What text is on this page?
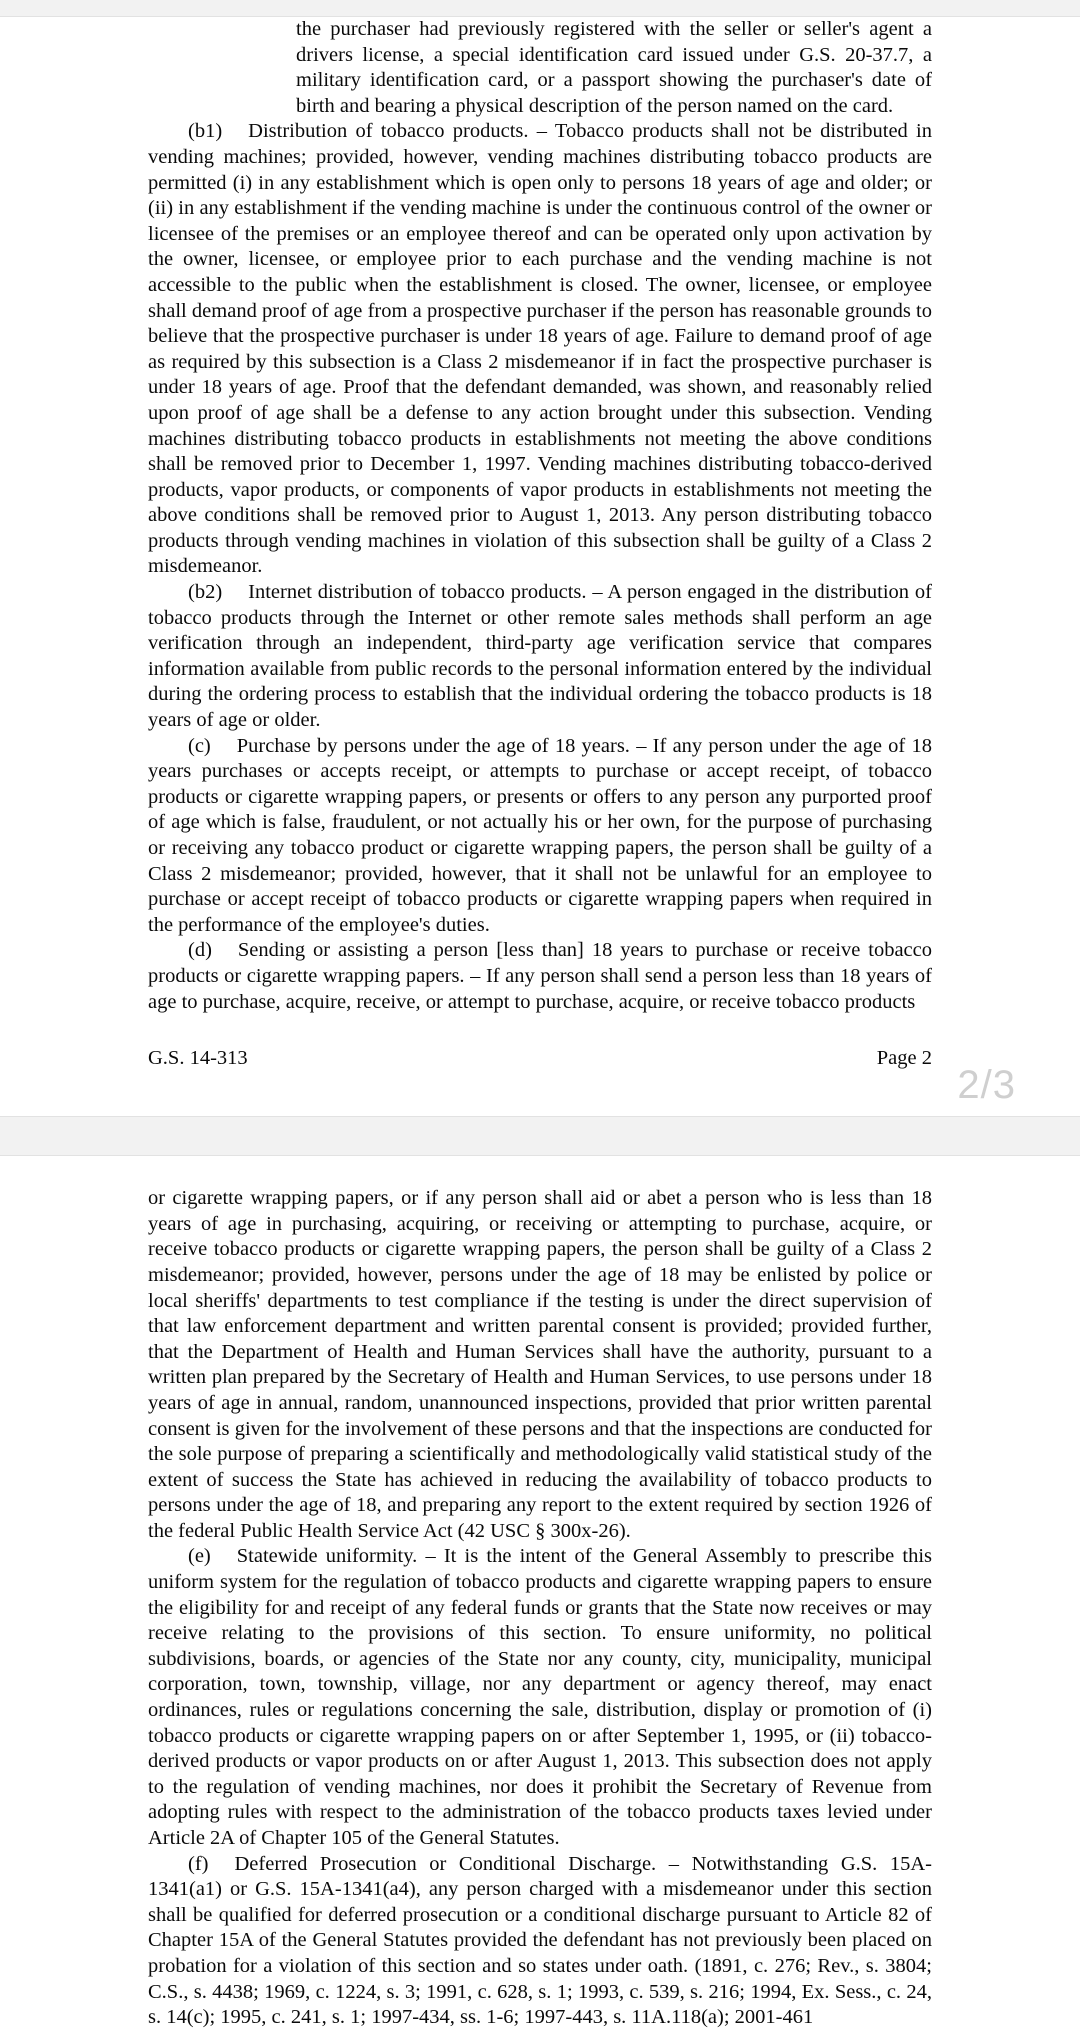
the purchaser had previously registered with the seller or seller's agent a drivers license, a special identification card issued under G.S. 20-37.7, a military identification card, or a passport showing the purchaser's date of birth and bearing a physical description of the person named on the card.

(b1) Distribution of tobacco products. – Tobacco products shall not be distributed in vending machines; provided, however, vending machines distributing tobacco products are permitted (i) in any establishment which is open only to persons 18 years of age and older; or (ii) in any establishment if the vending machine is under the continuous control of the owner or licensee of the premises or an employee thereof and can be operated only upon activation by the owner, licensee, or employee prior to each purchase and the vending machine is not accessible to the public when the establishment is closed. The owner, licensee, or employee shall demand proof of age from a prospective purchaser if the person has reasonable grounds to believe that the prospective purchaser is under 18 years of age. Failure to demand proof of age as required by this subsection is a Class 2 misdemeanor if in fact the prospective purchaser is under 18 years of age. Proof that the defendant demanded, was shown, and reasonably relied upon proof of age shall be a defense to any action brought under this subsection. Vending machines distributing tobacco products in establishments not meeting the above conditions shall be removed prior to December 1, 1997. Vending machines distributing tobacco-derived products, vapor products, or components of vapor products in establishments not meeting the above conditions shall be removed prior to August 1, 2013. Any person distributing tobacco products through vending machines in violation of this subsection shall be guilty of a Class 2 misdemeanor.

(b2) Internet distribution of tobacco products. – A person engaged in the distribution of tobacco products through the Internet or other remote sales methods shall perform an age verification through an independent, third-party age verification service that compares information available from public records to the personal information entered by the individual during the ordering process to establish that the individual ordering the tobacco products is 18 years of age or older.

(c) Purchase by persons under the age of 18 years. – If any person under the age of 18 years purchases or accepts receipt, or attempts to purchase or accept receipt, of tobacco products or cigarette wrapping papers, or presents or offers to any person any purported proof of age which is false, fraudulent, or not actually his or her own, for the purpose of purchasing or receiving any tobacco product or cigarette wrapping papers, the person shall be guilty of a Class 2 misdemeanor; provided, however, that it shall not be unlawful for an employee to purchase or accept receipt of tobacco products or cigarette wrapping papers when required in the performance of the employee's duties.

(d) Sending or assisting a person [less than] 18 years to purchase or receive tobacco products or cigarette wrapping papers. – If any person shall send a person less than 18 years of age to purchase, acquire, receive, or attempt to purchase, acquire, or receive tobacco products

G.S. 14-313	Page 2
2/3

or cigarette wrapping papers, or if any person shall aid or abet a person who is less than 18 years of age in purchasing, acquiring, or receiving or attempting to purchase, acquire, or receive tobacco products or cigarette wrapping papers, the person shall be guilty of a Class 2 misdemeanor; provided, however, persons under the age of 18 may be enlisted by police or local sheriffs' departments to test compliance if the testing is under the direct supervision of that law enforcement department and written parental consent is provided; provided further, that the Department of Health and Human Services shall have the authority, pursuant to a written plan prepared by the Secretary of Health and Human Services, to use persons under 18 years of age in annual, random, unannounced inspections, provided that prior written parental consent is given for the involvement of these persons and that the inspections are conducted for the sole purpose of preparing a scientifically and methodologically valid statistical study of the extent of success the State has achieved in reducing the availability of tobacco products to persons under the age of 18, and preparing any report to the extent required by section 1926 of the federal Public Health Service Act (42 USC § 300x-26).

(e) Statewide uniformity. – It is the intent of the General Assembly to prescribe this uniform system for the regulation of tobacco products and cigarette wrapping papers to ensure the eligibility for and receipt of any federal funds or grants that the State now receives or may receive relating to the provisions of this section. To ensure uniformity, no political subdivisions, boards, or agencies of the State nor any county, city, municipality, municipal corporation, town, township, village, nor any department or agency thereof, may enact ordinances, rules or regulations concerning the sale, distribution, display or promotion of (i) tobacco products or cigarette wrapping papers on or after September 1, 1995, or (ii) tobacco-derived products or vapor products on or after August 1, 2013. This subsection does not apply to the regulation of vending machines, nor does it prohibit the Secretary of Revenue from adopting rules with respect to the administration of the tobacco products taxes levied under Article 2A of Chapter 105 of the General Statutes.

(f) Deferred Prosecution or Conditional Discharge. – Notwithstanding G.S. 15A-1341(a1) or G.S. 15A-1341(a4), any person charged with a misdemeanor under this section shall be qualified for deferred prosecution or a conditional discharge pursuant to Article 82 of Chapter 15A of the General Statutes provided the defendant has not previously been placed on probation for a violation of this section and so states under oath. (1891, c. 276; Rev., s. 3804; C.S., s. 4438; 1969, c. 1224, s. 3; 1991, c. 628, s. 1; 1993, c. 539, s. 216; 1994, Ex. Sess., c. 24, s. 14(c); 1995, c. 241, s. 1; 1997-434, ss. 1-6; 1997-443, s. 11A.118(a); 2001-461
